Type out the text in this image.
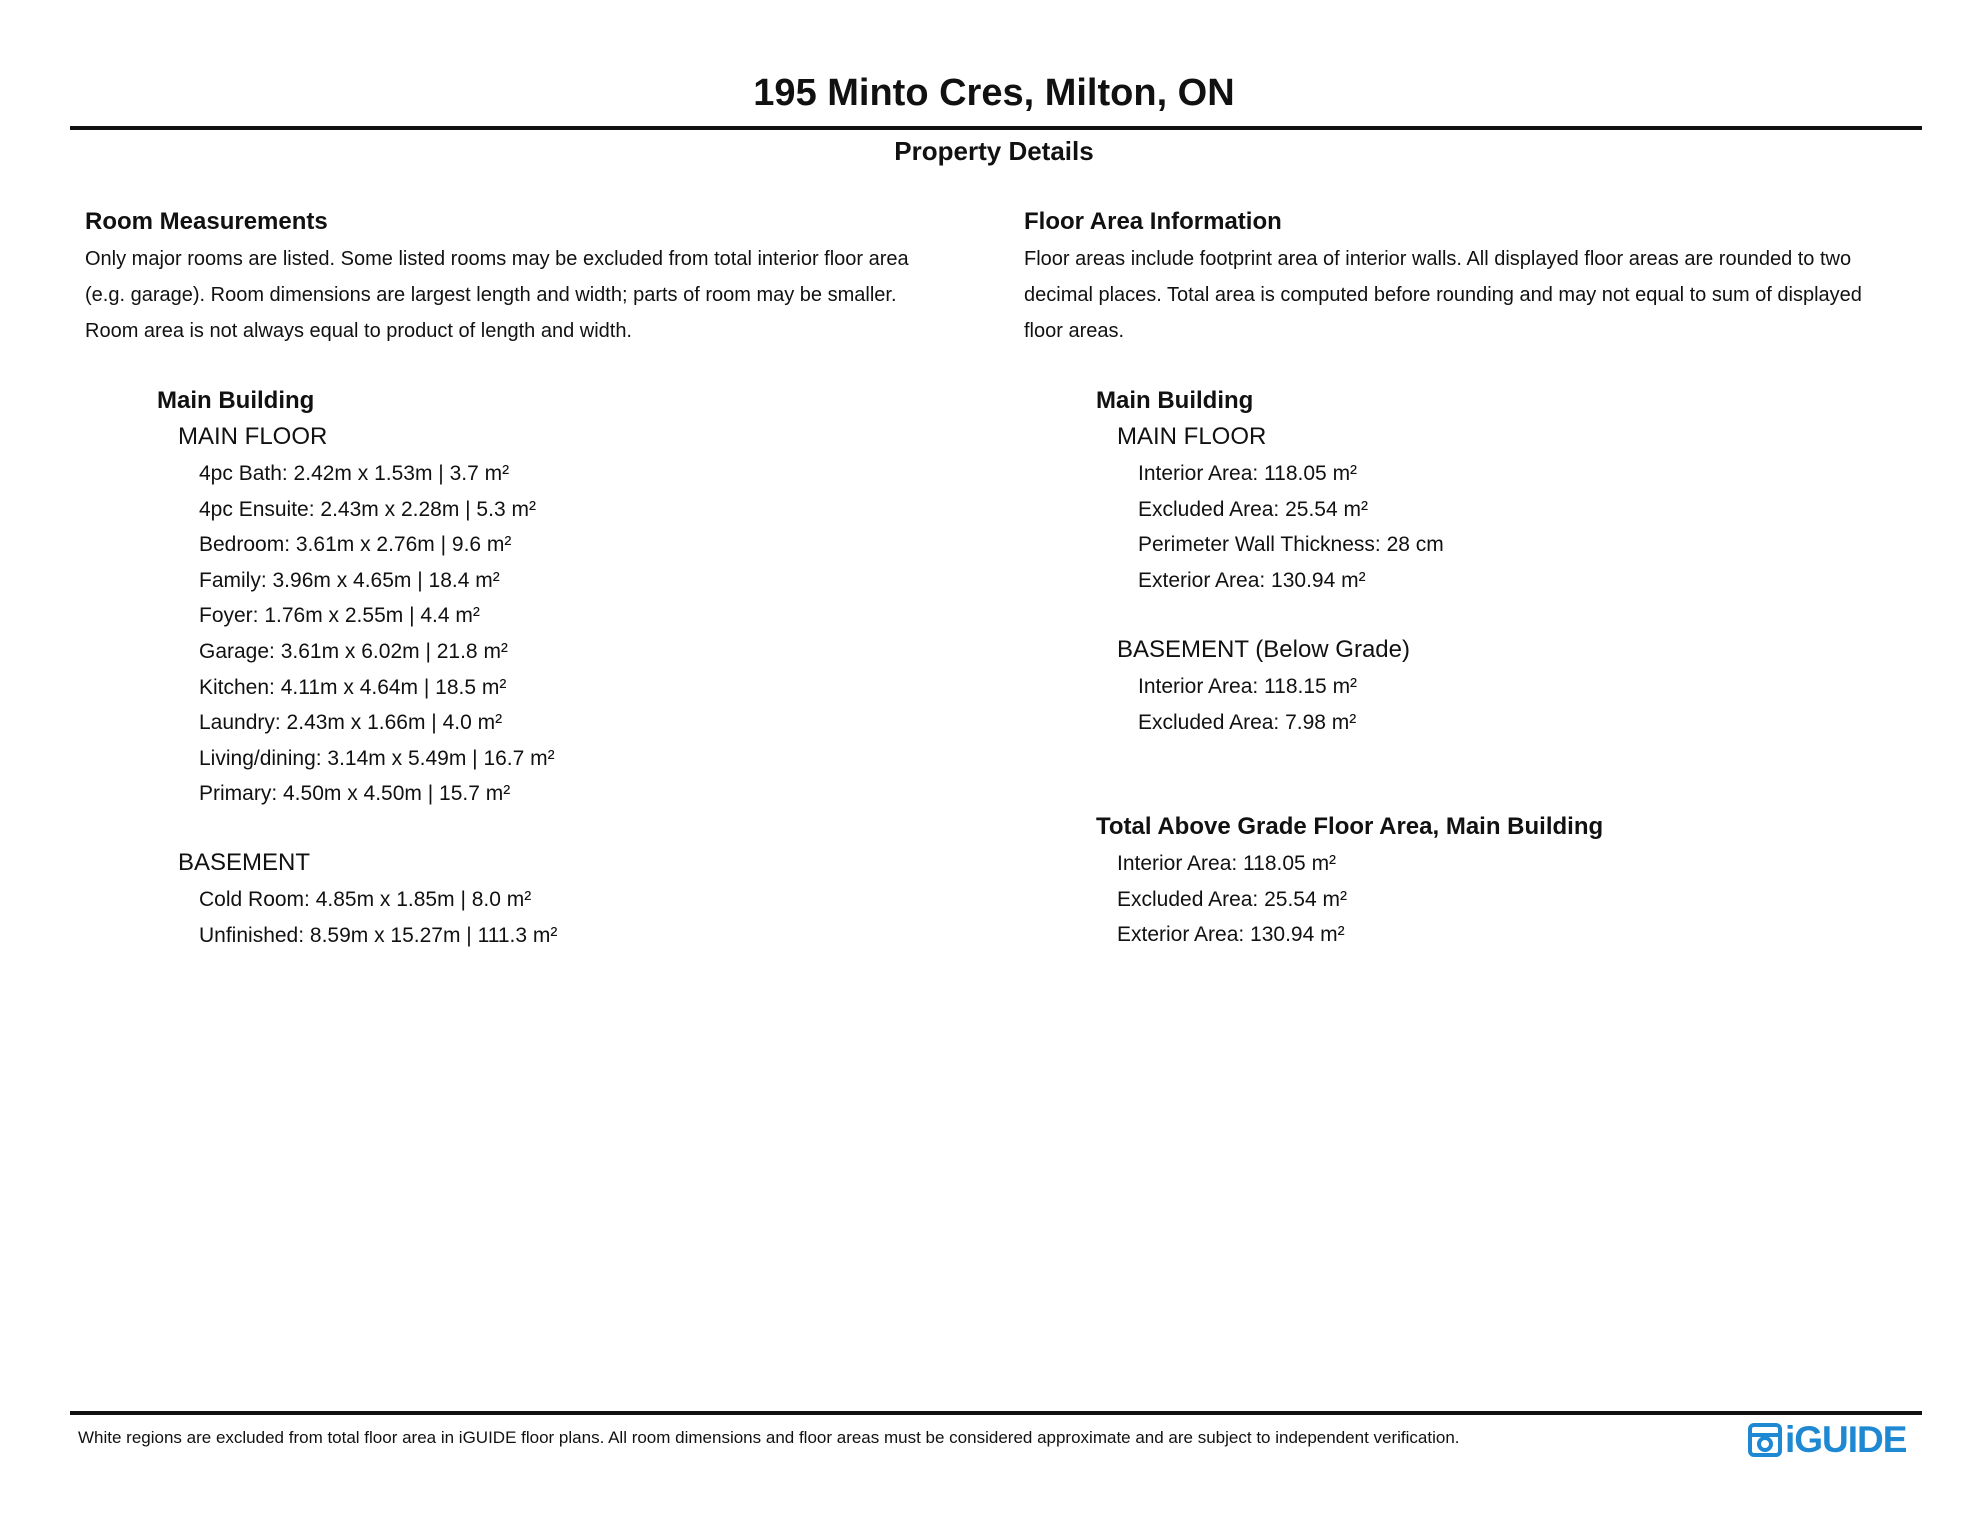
195 Minto Cres, Milton, ON
Property Details
Room Measurements
Only major rooms are listed. Some listed rooms may be excluded from total interior floor area
(e.g. garage). Room dimensions are largest length and width; parts of room may be smaller.
Room area is not always equal to product of length and width.
Main Building
MAIN FLOOR
4pc Bath: 2.42m x 1.53m | 3.7 m²
4pc Ensuite: 2.43m x 2.28m | 5.3 m²
Bedroom: 3.61m x 2.76m | 9.6 m²
Family: 3.96m x 4.65m | 18.4 m²
Foyer: 1.76m x 2.55m | 4.4 m²
Garage: 3.61m x 6.02m | 21.8 m²
Kitchen: 4.11m x 4.64m | 18.5 m²
Laundry: 2.43m x 1.66m | 4.0 m²
Living/dining: 3.14m x 5.49m | 16.7 m²
Primary: 4.50m x 4.50m | 15.7 m²
BASEMENT
Cold Room: 4.85m x 1.85m | 8.0 m²
Unfinished: 8.59m x 15.27m | 111.3 m²
Floor Area Information
Floor areas include footprint area of interior walls. All displayed floor areas are rounded to two
decimal places. Total area is computed before rounding and may not equal to sum of displayed
floor areas.
Main Building
MAIN FLOOR
Interior Area: 118.05 m²
Excluded Area: 25.54 m²
Perimeter Wall Thickness: 28 cm
Exterior Area: 130.94 m²
BASEMENT (Below Grade)
Interior Area: 118.15 m²
Excluded Area: 7.98 m²
Total Above Grade Floor Area, Main Building
Interior Area: 118.05 m²
Excluded Area: 25.54 m²
Exterior Area: 130.94 m²

White regions are excluded from total floor area in iGUIDE floor plans. All room dimensions and floor areas must be considered approximate and are subject to independent verification.	iGUIDE
